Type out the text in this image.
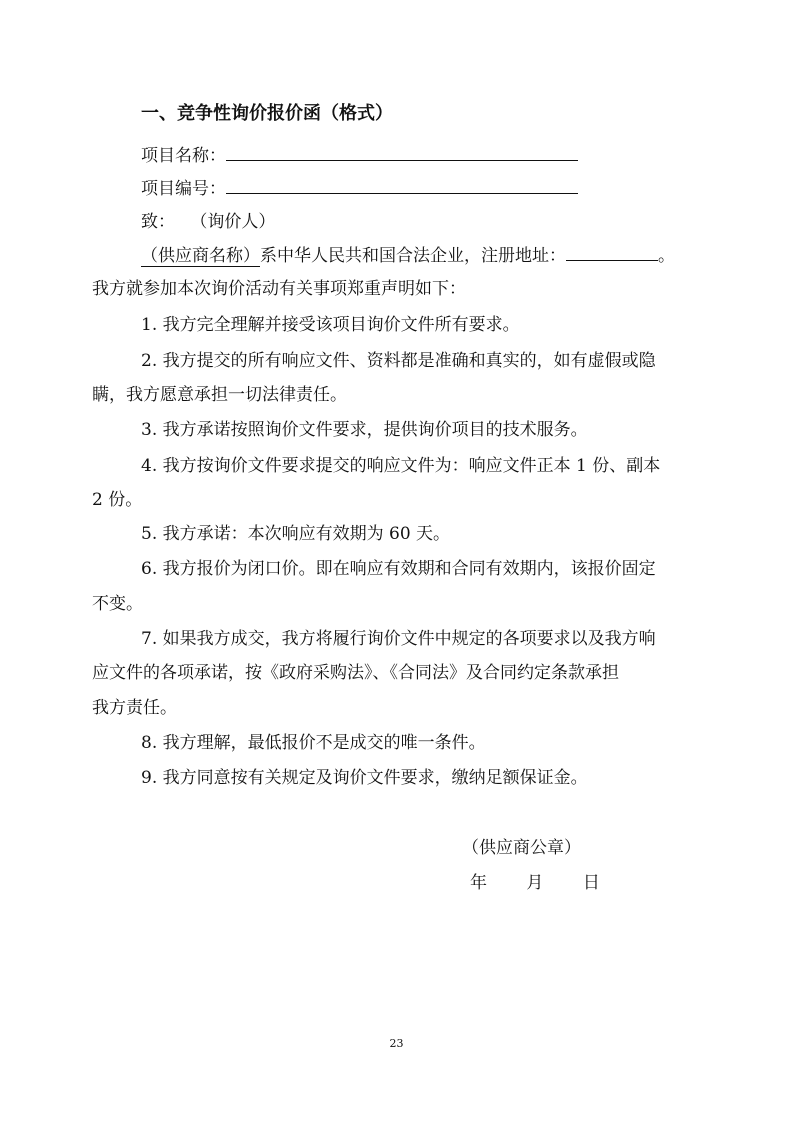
一、竞争性询价报价函（格式）
项目名称：
项目编号：
致： （询价人）
（供应商名称）系中华人民共和国合法企业，注册地址：	。
我方就参加本次询价活动有关事项郑重声明如下：
1. 我方完全理解并接受该项目询价文件所有要求。
2. 我方提交的所有响应文件、资料都是准确和真实的，如有虚假或隐
瞒，我方愿意承担一切法律责任。
3. 我方承诺按照询价文件要求，提供询价项目的技术服务。
4. 我方按询价文件要求提交的响应文件为：响应文件正本 1 份、副本
2 份。
5. 我方承诺：本次响应有效期为 60 天。
6. 我方报价为闭口价。即在响应有效期和合同有效期内，该报价固定
不变。
7. 如果我方成交，我方将履行询价文件中规定的各项要求以及我方响
应文件的各项承诺，按《政府采购法》、《合同法》及合同约定条款承担
我方责任。
8. 我方理解，最低报价不是成交的唯一条件。
9. 我方同意按有关规定及询价文件要求，缴纳足额保证金。
（供应商公章）
年 月 日
23
